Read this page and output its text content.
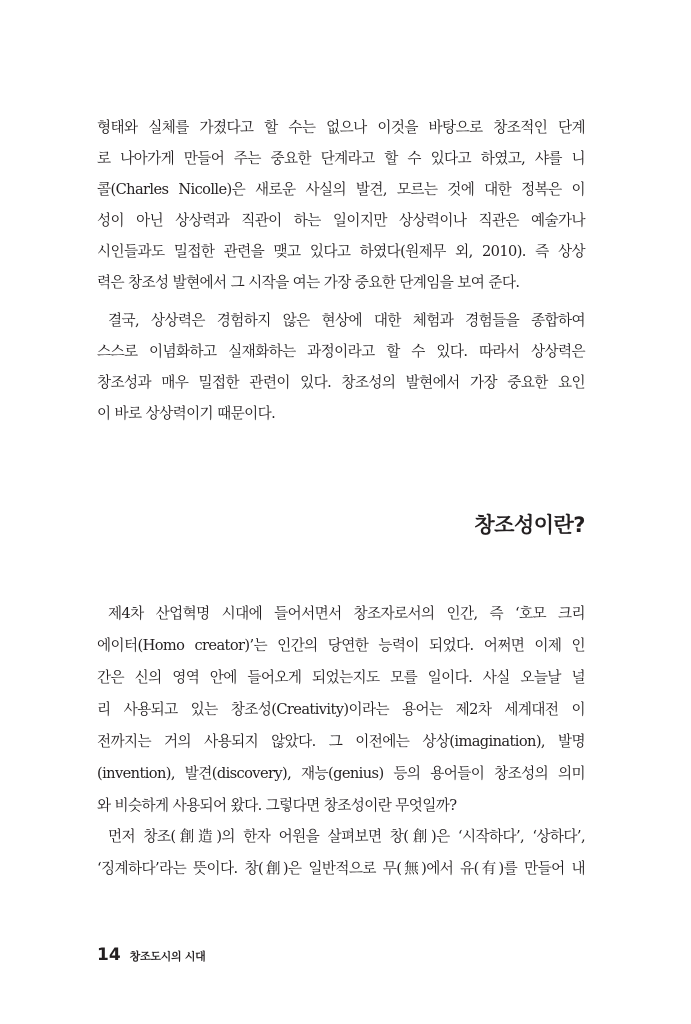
형태와 실체를 가졌다고 할 수는 없으나 이것을 바탕으로 창조적인 단계
로 나아가게 만들어 주는 중요한 단계라고 할 수 있다고 하였고, 샤를 니
콜(Charles Nicolle)은 새로운 사실의 발견, 모르는 것에 대한 정복은 이
성이 아닌 상상력과 직관이 하는 일이지만 상상력이나 직관은 예술가나
시인들과도 밀접한 관련을 맺고 있다고 하였다(원제무 외, 2010). 즉 상상
력은 창조성 발현에서 그 시작을 여는 가장 중요한 단계임을 보여 준다.
결국, 상상력은 경험하지 않은 현상에 대한 체험과 경험들을 종합하여
스스로 이념화하고 실재화하는 과정이라고 할 수 있다. 따라서 상상력은
창조성과 매우 밀접한 관련이 있다. 창조성의 발현에서 가장 중요한 요인
이 바로 상상력이기 때문이다.
창조성이란?
제4차 산업혁명 시대에 들어서면서 창조자로서의 인간, 즉 ‘호모 크리
에이터(Homo creator)’는 인간의 당연한 능력이 되었다. 어쩌면 이제 인
간은 신의 영역 안에 들어오게 되었는지도 모를 일이다. 사실 오늘날 널
리 사용되고 있는 창조성(Creativity)이라는 용어는 제2차 세계대전 이
전까지는 거의 사용되지 않았다. 그 이전에는 상상(imagination), 발명
(invention), 발견(discovery), 재능(genius) 등의 용어들이 창조성의 의미
와 비슷하게 사용되어 왔다. 그렇다면 창조성이란 무엇일까?
먼저 창조(創造)의 한자 어원을 살펴보면 창(創)은 ‘시작하다’, ‘상하다’,
‘징계하다’라는 뜻이다. 창(創)은 일반적으로 무(無)에서 유(有)를 만들어 내
14 창조도시의 시대
